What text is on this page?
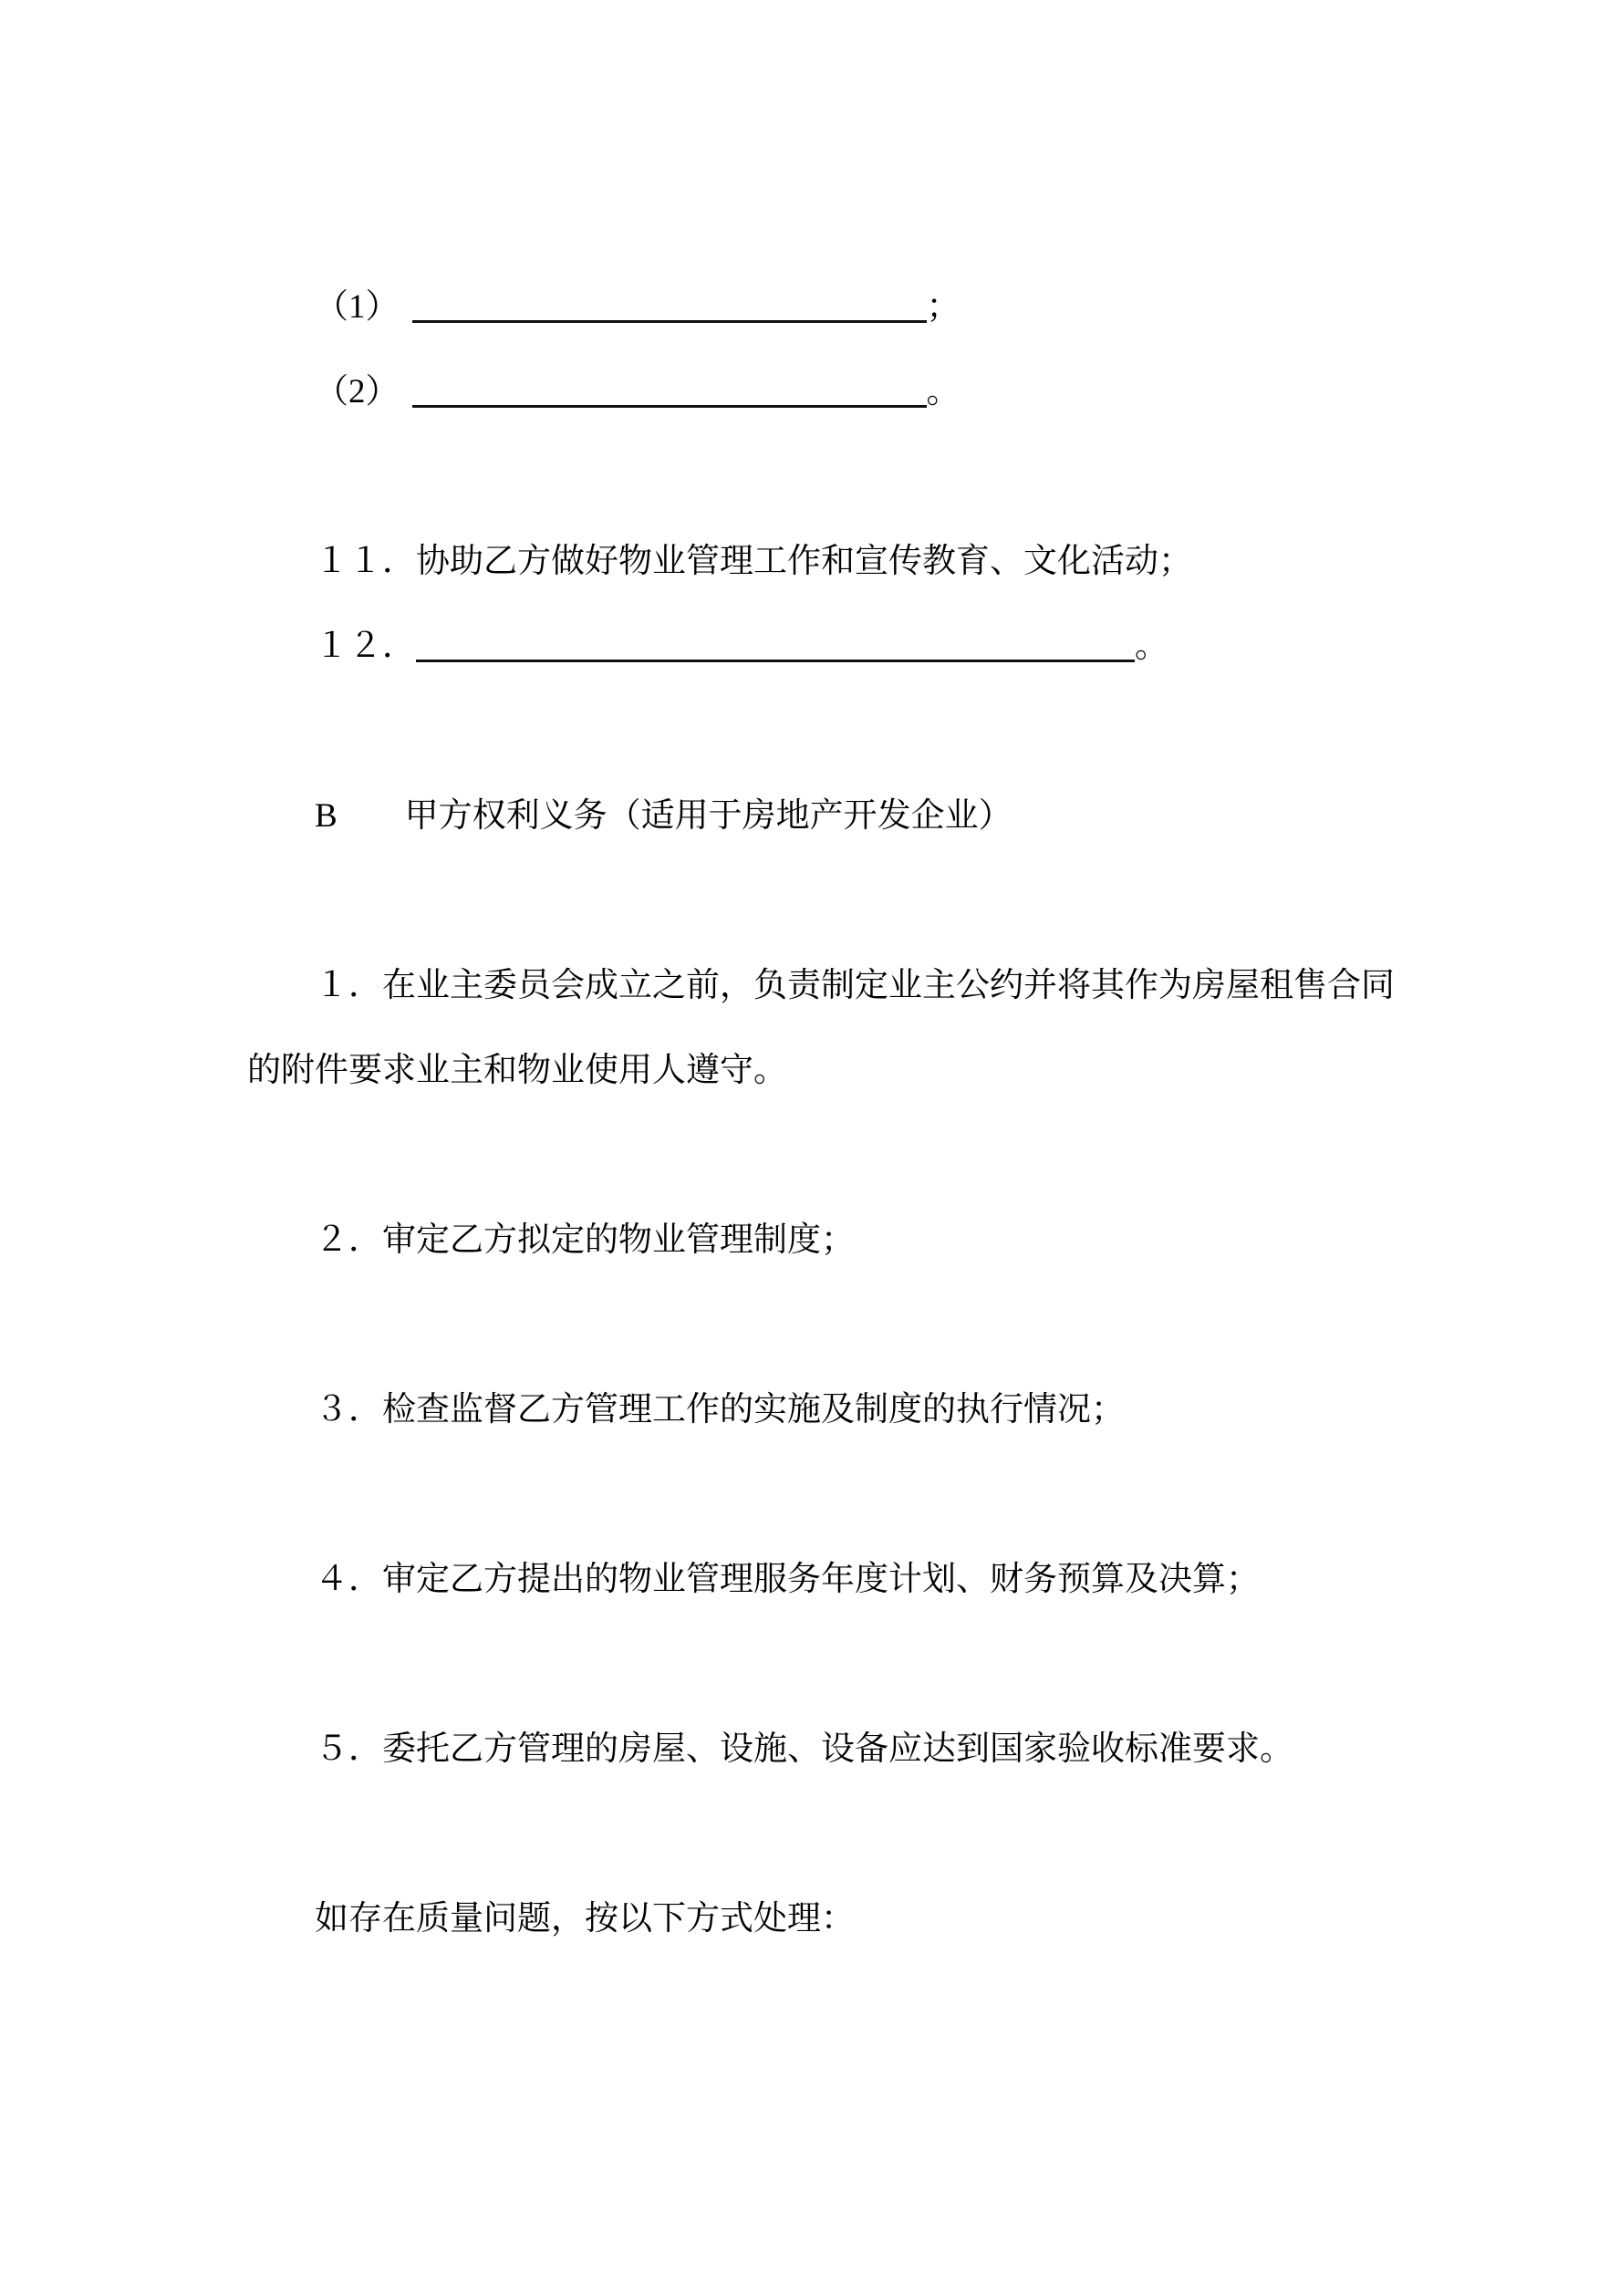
（1）	；

（2）	。

１１．协助乙方做好物业管理工作和宣传教育、文化活动；

１２．	。

B　　甲方权利义务（适用于房地产开发企业）

１．在业主委员会成立之前，负责制定业主公约并将其作为房屋租售合同

的附件要求业主和物业使用人遵守。

２．审定乙方拟定的物业管理制度；

３．检查监督乙方管理工作的实施及制度的执行情况；

４．审定乙方提出的物业管理服务年度计划、财务预算及决算；

５．委托乙方管理的房屋、设施、设备应达到国家验收标准要求。

如存在质量问题，按以下方式处理：
